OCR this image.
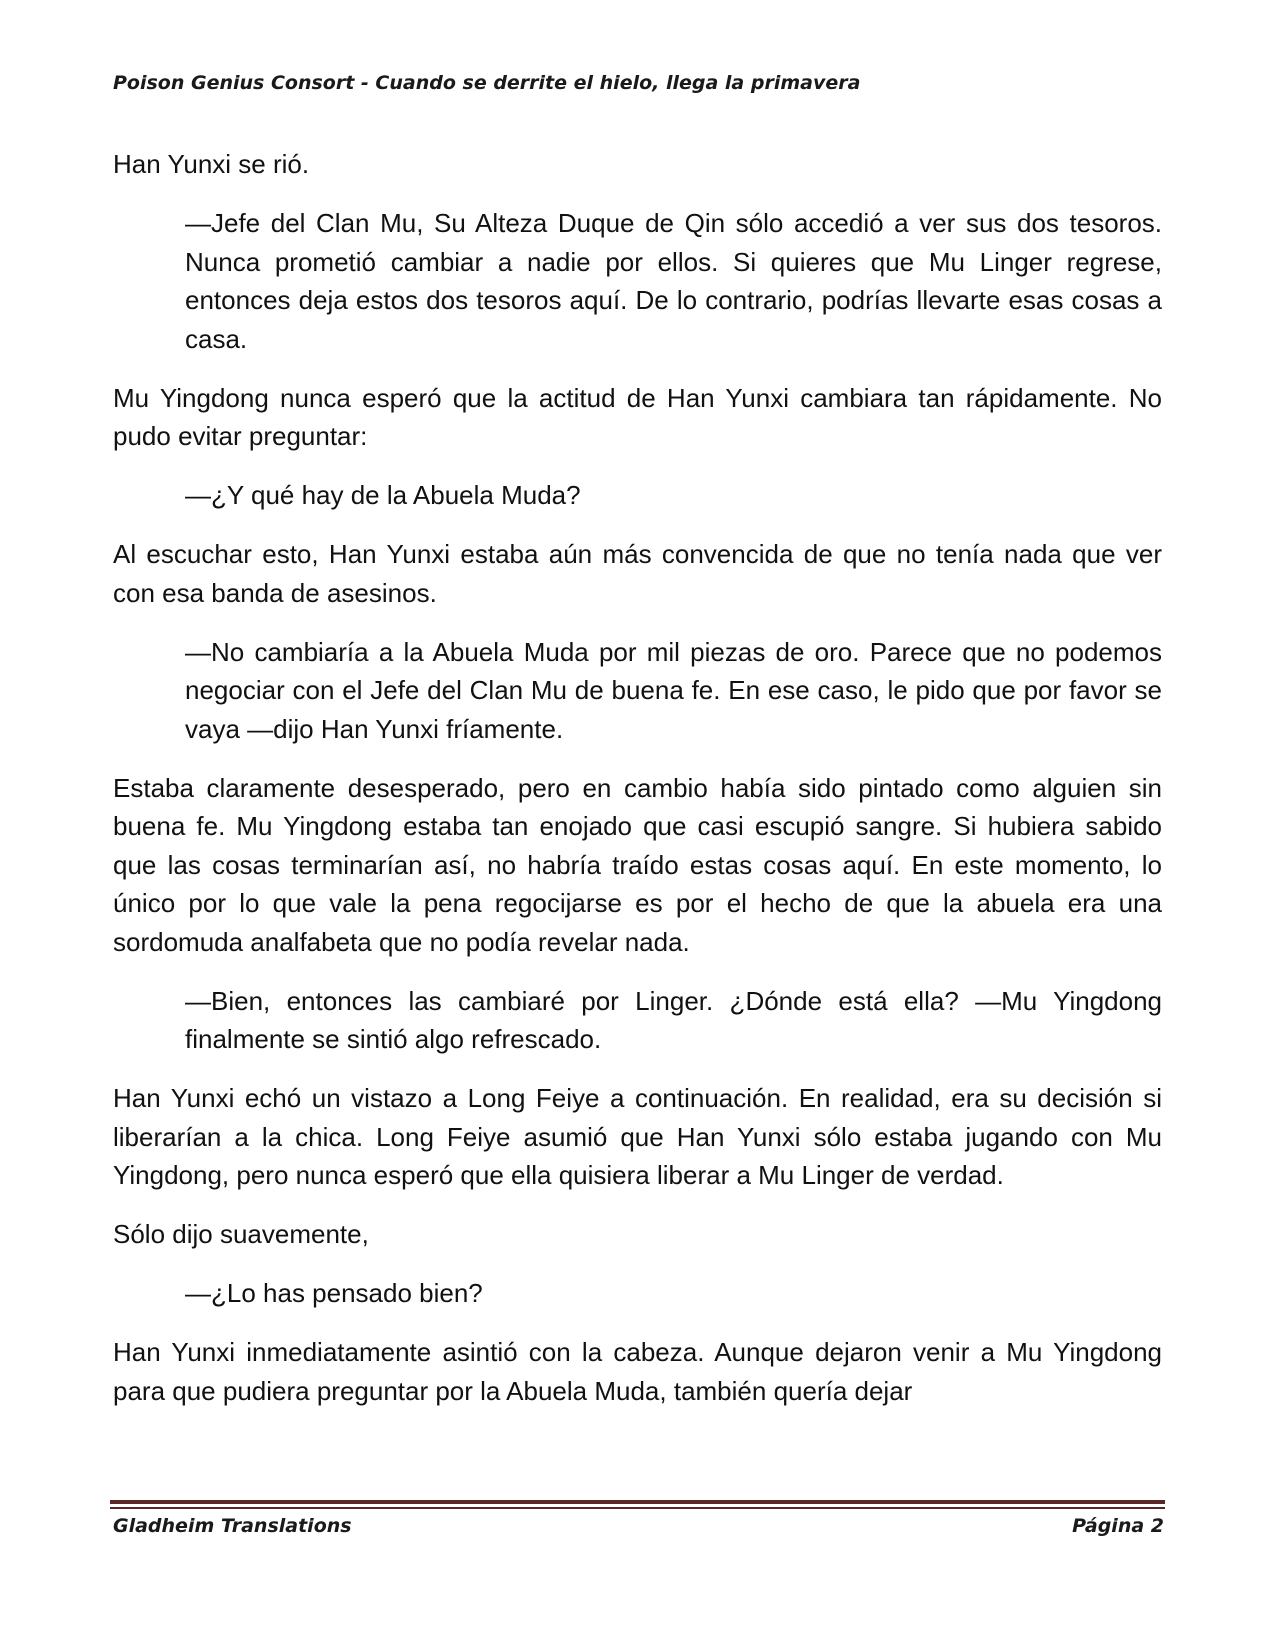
Poison Genius Consort - Cuando se derrite el hielo, llega la primavera

Han Yunxi se rió.

—Jefe del Clan Mu, Su Alteza Duque de Qin sólo accedió a ver sus dos tesoros. Nunca prometió cambiar a nadie por ellos. Si quieres que Mu Linger regrese, entonces deja estos dos tesoros aquí. De lo contrario, podrías llevarte esas cosas a casa.

Mu Yingdong nunca esperó que la actitud de Han Yunxi cambiara tan rápidamente. No pudo evitar preguntar:

—¿Y qué hay de la Abuela Muda?

Al escuchar esto, Han Yunxi estaba aún más convencida de que no tenía nada que ver con esa banda de asesinos.

—No cambiaría a la Abuela Muda por mil piezas de oro. Parece que no podemos negociar con el Jefe del Clan Mu de buena fe. En ese caso, le pido que por favor se vaya —dijo Han Yunxi fríamente.

Estaba claramente desesperado, pero en cambio había sido pintado como alguien sin buena fe. Mu Yingdong estaba tan enojado que casi escupió sangre. Si hubiera sabido que las cosas terminarían así, no habría traído estas cosas aquí. En este momento, lo único por lo que vale la pena regocijarse es por el hecho de que la abuela era una sordomuda analfabeta que no podía revelar nada.

—Bien, entonces las cambiaré por Linger. ¿Dónde está ella? —Mu Yingdong finalmente se sintió algo refrescado.

Han Yunxi echó un vistazo a Long Feiye a continuación. En realidad, era su decisión si liberarían a la chica. Long Feiye asumió que Han Yunxi sólo estaba jugando con Mu Yingdong, pero nunca esperó que ella quisiera liberar a Mu Linger de verdad.

Sólo dijo suavemente,

—¿Lo has pensado bien?

Han Yunxi inmediatamente asintió con la cabeza. Aunque dejaron venir a Mu Yingdong para que pudiera preguntar por la Abuela Muda, también quería dejar

Gladheim Translations	Página 2
